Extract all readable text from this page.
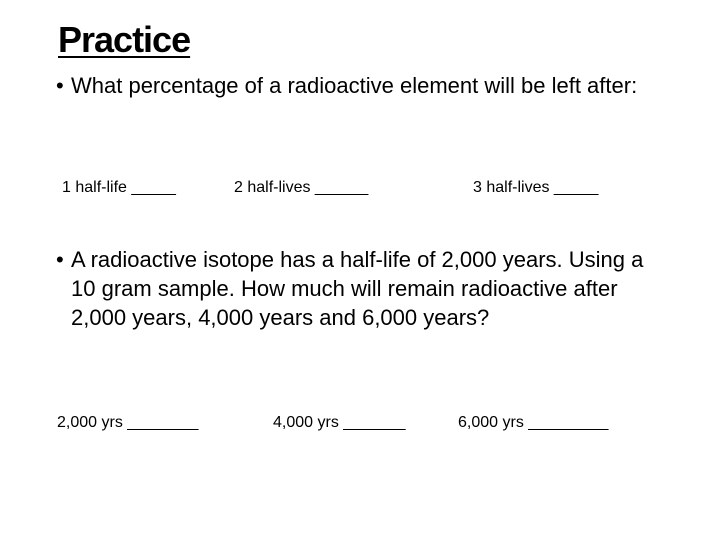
Practice
• What percentage of a radioactive element will be left after:
1 half-life _____	2 half-lives ______	3 half-lives _____
• A radioactive isotope has a half-life of 2,000 years. Using a 10 gram sample. How much will remain radioactive after 2,000 years, 4,000 years and 6,000 years?
2,000 yrs ________	4,000 yrs _______	6,000 yrs _________
